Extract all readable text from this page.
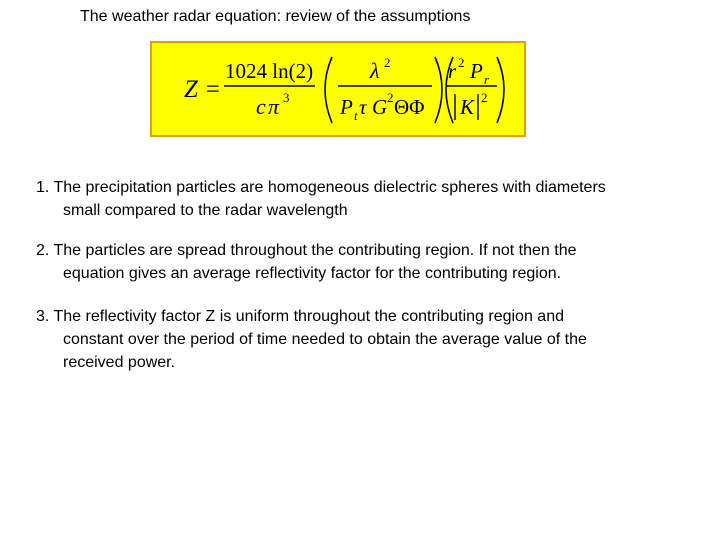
The weather radar equation: review of the assumptions
Z =
1024 ln(2)
c π 3
λ 2
P t τ G 2 ΘΦ
r 2 P r
K 2
1. The precipitation particles are homogeneous dielectric spheres with diameters
small compared to the radar wavelength
2. The particles are spread throughout the contributing region. If not then the
equation gives an average reflectivity factor for the contributing region.
3. The reflectivity factor Z is uniform throughout the contributing region and
constant over the period of time needed to obtain the average value of the
received power.
